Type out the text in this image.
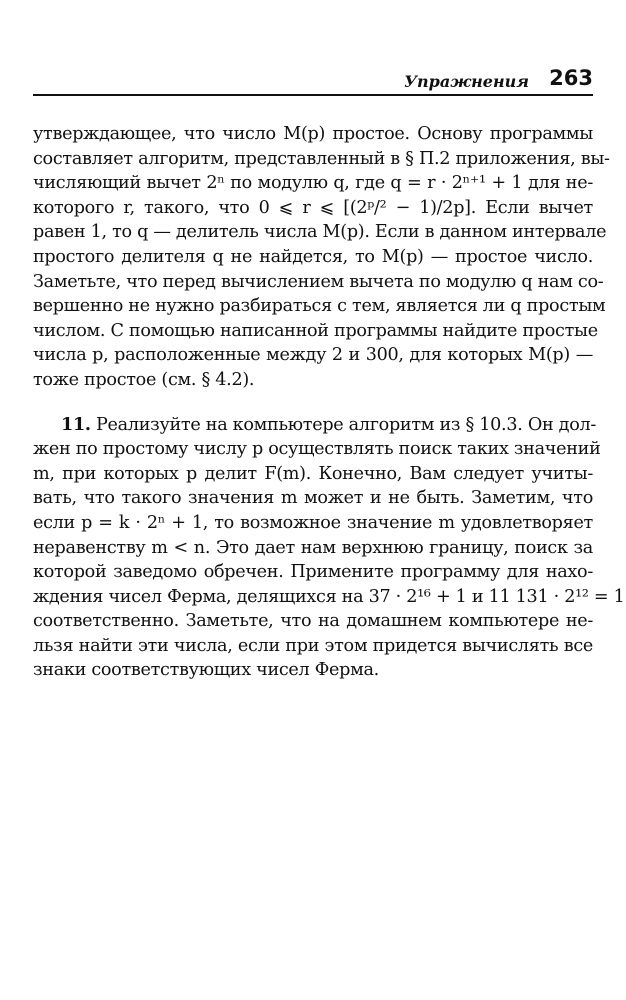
Упражнения 263
утверждающее, что число M(p) простое. Основу программы
составляет алгоритм, представленный в § П.2 приложения, вы-
числяющий вычет 2ⁿ по модулю q, где q = r · 2ⁿ⁺¹ + 1 для не-
которого r, такого, что 0 ⩽ r ⩽ [(2ᵖ/² − 1)/2p]. Если вычет
равен 1, то q — делитель числа M(p). Если в данном интервале
простого делителя q не найдется, то M(p) — простое число.
Заметьте, что перед вычислением вычета по модулю q нам со-
вершенно не нужно разбираться с тем, является ли q простым
числом. С помощью написанной программы найдите простые
числа p, расположенные между 2 и 300, для которых M(p) —
тоже простое (см. § 4.2).
11. Реализуйте на компьютере алгоритм из § 10.3. Он дол-
жен по простому числу p осуществлять поиск таких значений
m, при которых p делит F(m). Конечно, Вам следует учиты-
вать, что такого значения m может и не быть. Заметим, что
если p = k · 2ⁿ + 1, то возможное значение m удовлетворяет
неравенству m < n. Это дает нам верхнюю границу, поиск за
которой заведомо обречен. Примените программу для нахо-
ждения чисел Ферма, делящихся на 37 · 2¹⁶ + 1 и 11 131 · 2¹² = 1
соответственно. Заметьте, что на домашнем компьютере не-
льзя найти эти числа, если при этом придется вычислять все
знаки соответствующих чисел Ферма.
